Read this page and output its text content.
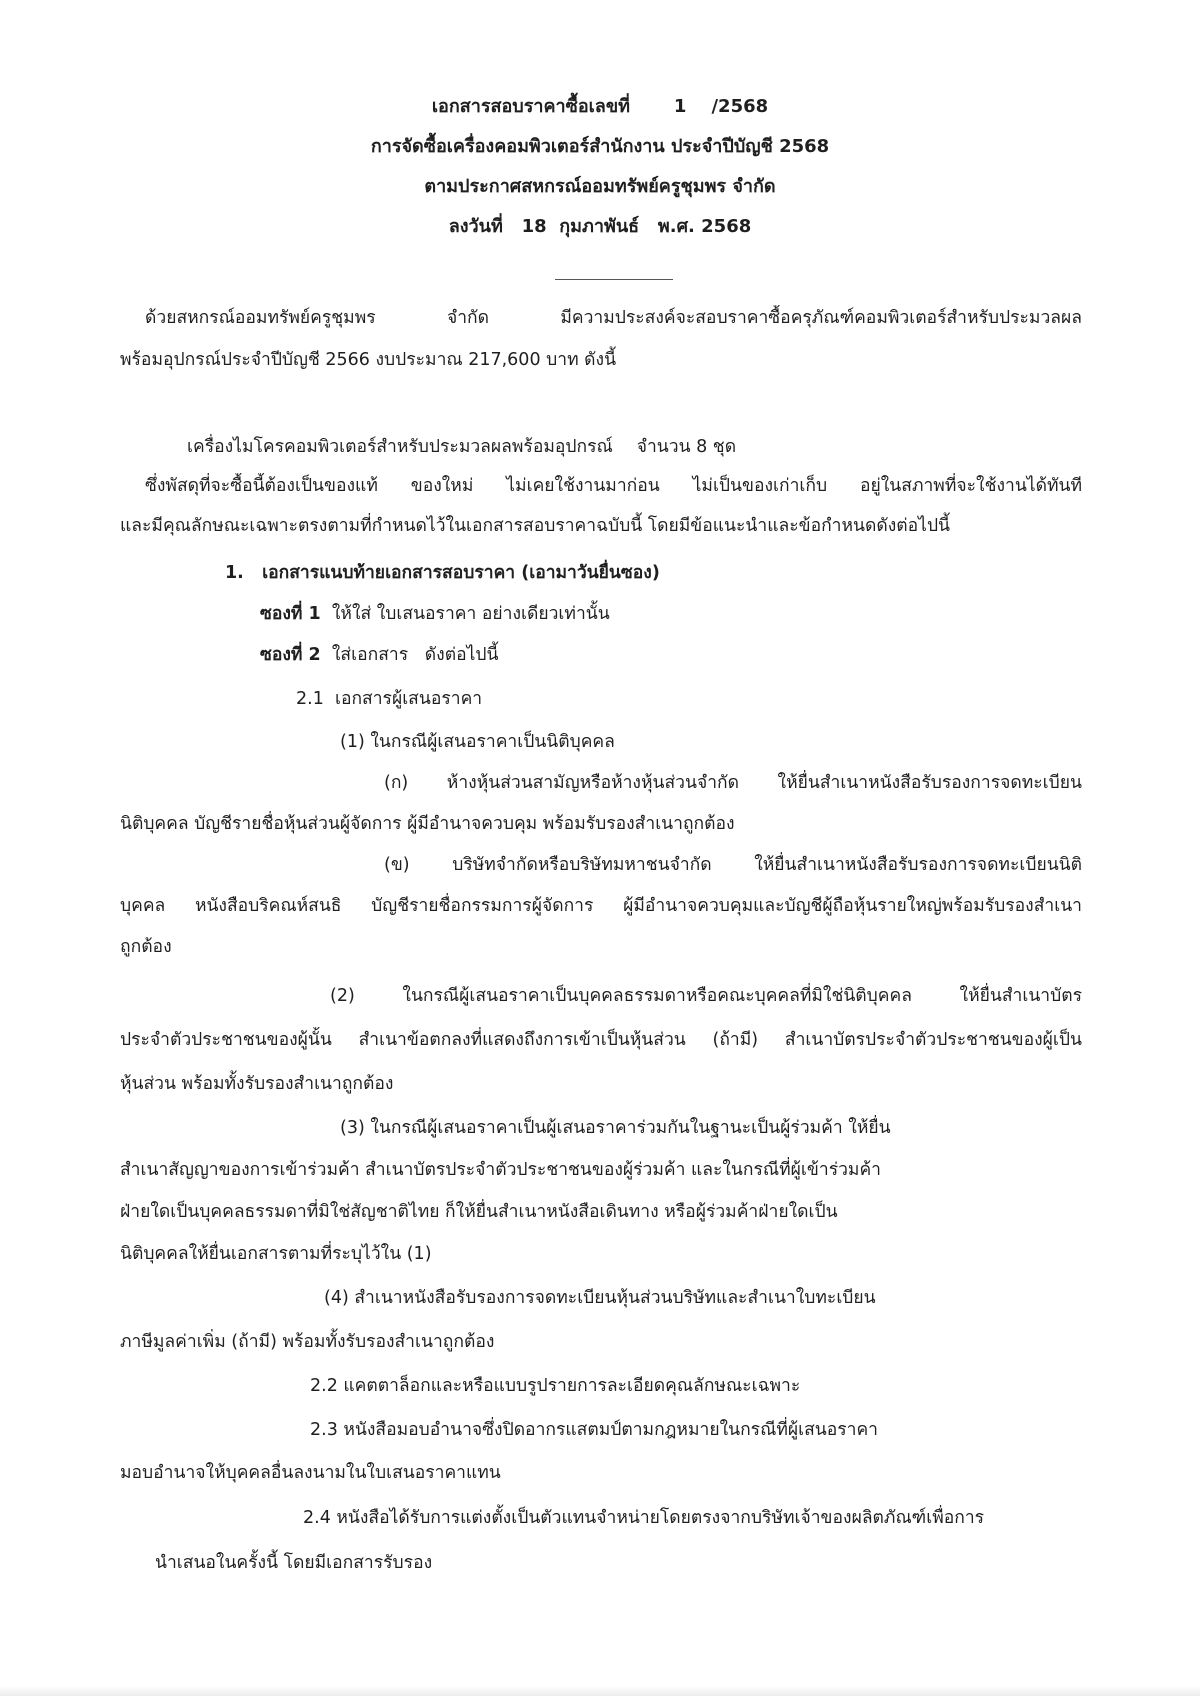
เอกสารสอบราคาซื้อเลขที่       1    /2568
การจัดซื้อเครื่องคอมพิวเตอร์สำนักงาน ประจำปีบัญชี 2568
ตามประกาศสหกรณ์ออมทรัพย์ครูชุมพร จำกัด
ลงวันที่   18  กุมภาพันธ์   พ.ศ. 2568
ด้วยสหกรณ์ออมทรัพย์ครูชุมพร จำกัด มีความประสงค์จะสอบราคาซื้อครุภัณฑ์คอมพิวเตอร์สำหรับประมวลผล
พร้อมอุปกรณ์ประจำปีบัญชี 2566 งบประมาณ 217,600 บาท ดังนี้
เครื่องไมโครคอมพิวเตอร์สำหรับประมวลผลพร้อมอุปกรณ์ จำนวน 8 ชุด
ซึ่งพัสดุที่จะซื้อนี้ต้องเป็นของแท้ ของใหม่ ไม่เคยใช้งานมาก่อน ไม่เป็นของเก่าเก็บ อยู่ในสภาพที่จะใช้งานได้ทันที
และมีคุณลักษณะเฉพาะตรงตามที่กำหนดไว้ในเอกสารสอบราคาฉบับนี้ โดยมีข้อแนะนำและข้อกำหนดดังต่อไปนี้
1.   เอกสารแนบท้ายเอกสารสอบราคา (เอามาวันยื่นซอง)
ซองที่ 1 ให้ใส่ ใบเสนอราคา อย่างเดียวเท่านั้น
ซองที่ 2 ใส่เอกสาร   ดังต่อไปนี้
2.1  เอกสารผู้เสนอราคา
(1) ในกรณีผู้เสนอราคาเป็นนิติบุคคล
(ก) ห้างหุ้นส่วนสามัญหรือห้างหุ้นส่วนจำกัด ให้ยื่นสำเนาหนังสือรับรองการจดทะเบียน
นิติบุคคล บัญชีรายชื่อหุ้นส่วนผู้จัดการ ผู้มีอำนาจควบคุม พร้อมรับรองสำเนาถูกต้อง
(ข) บริษัทจำกัดหรือบริษัทมหาชนจำกัด ให้ยื่นสำเนาหนังสือรับรองการจดทะเบียนนิติ
บุคคล หนังสือบริคณห์สนธิ บัญชีรายชื่อกรรมการผู้จัดการ ผู้มีอำนาจควบคุมและบัญชีผู้ถือหุ้นรายใหญ่พร้อมรับรองสำเนา
ถูกต้อง
(2) ในกรณีผู้เสนอราคาเป็นบุคคลธรรมดาหรือคณะบุคคลที่มิใช่นิติบุคคล ให้ยื่นสำเนาบัตร
ประจำตัวประชาชนของผู้นั้น สำเนาข้อตกลงที่แสดงถึงการเข้าเป็นหุ้นส่วน (ถ้ามี) สำเนาบัตรประจำตัวประชาชนของผู้เป็น
หุ้นส่วน พร้อมทั้งรับรองสำเนาถูกต้อง
(3) ในกรณีผู้เสนอราคาเป็นผู้เสนอราคาร่วมกันในฐานะเป็นผู้ร่วมค้า ให้ยื่น
สำเนาสัญญาของการเข้าร่วมค้า สำเนาบัตรประจำตัวประชาชนของผู้ร่วมค้า และในกรณีที่ผู้เข้าร่วมค้า
ฝ่ายใดเป็นบุคคลธรรมดาที่มิใช่สัญชาติไทย ก็ให้ยื่นสำเนาหนังสือเดินทาง หรือผู้ร่วมค้าฝ่ายใดเป็น
นิติบุคคลให้ยื่นเอกสารตามที่ระบุไว้ใน (1)
(4) สำเนาหนังสือรับรองการจดทะเบียนหุ้นส่วนบริษัทและสำเนาใบทะเบียน
ภาษีมูลค่าเพิ่ม (ถ้ามี) พร้อมทั้งรับรองสำเนาถูกต้อง
2.2 แคตตาล็อกและหรือแบบรูปรายการละเอียดคุณลักษณะเฉพาะ
2.3 หนังสือมอบอำนาจซึ่งปิดอากรแสตมป์ตามกฎหมายในกรณีที่ผู้เสนอราคา
มอบอำนาจให้บุคคลอื่นลงนามในใบเสนอราคาแทน
2.4 หนังสือได้รับการแต่งตั้งเป็นตัวแทนจำหน่ายโดยตรงจากบริษัทเจ้าของผลิตภัณฑ์เพื่อการ
นำเสนอในครั้งนี้ โดยมีเอกสารรับรอง
